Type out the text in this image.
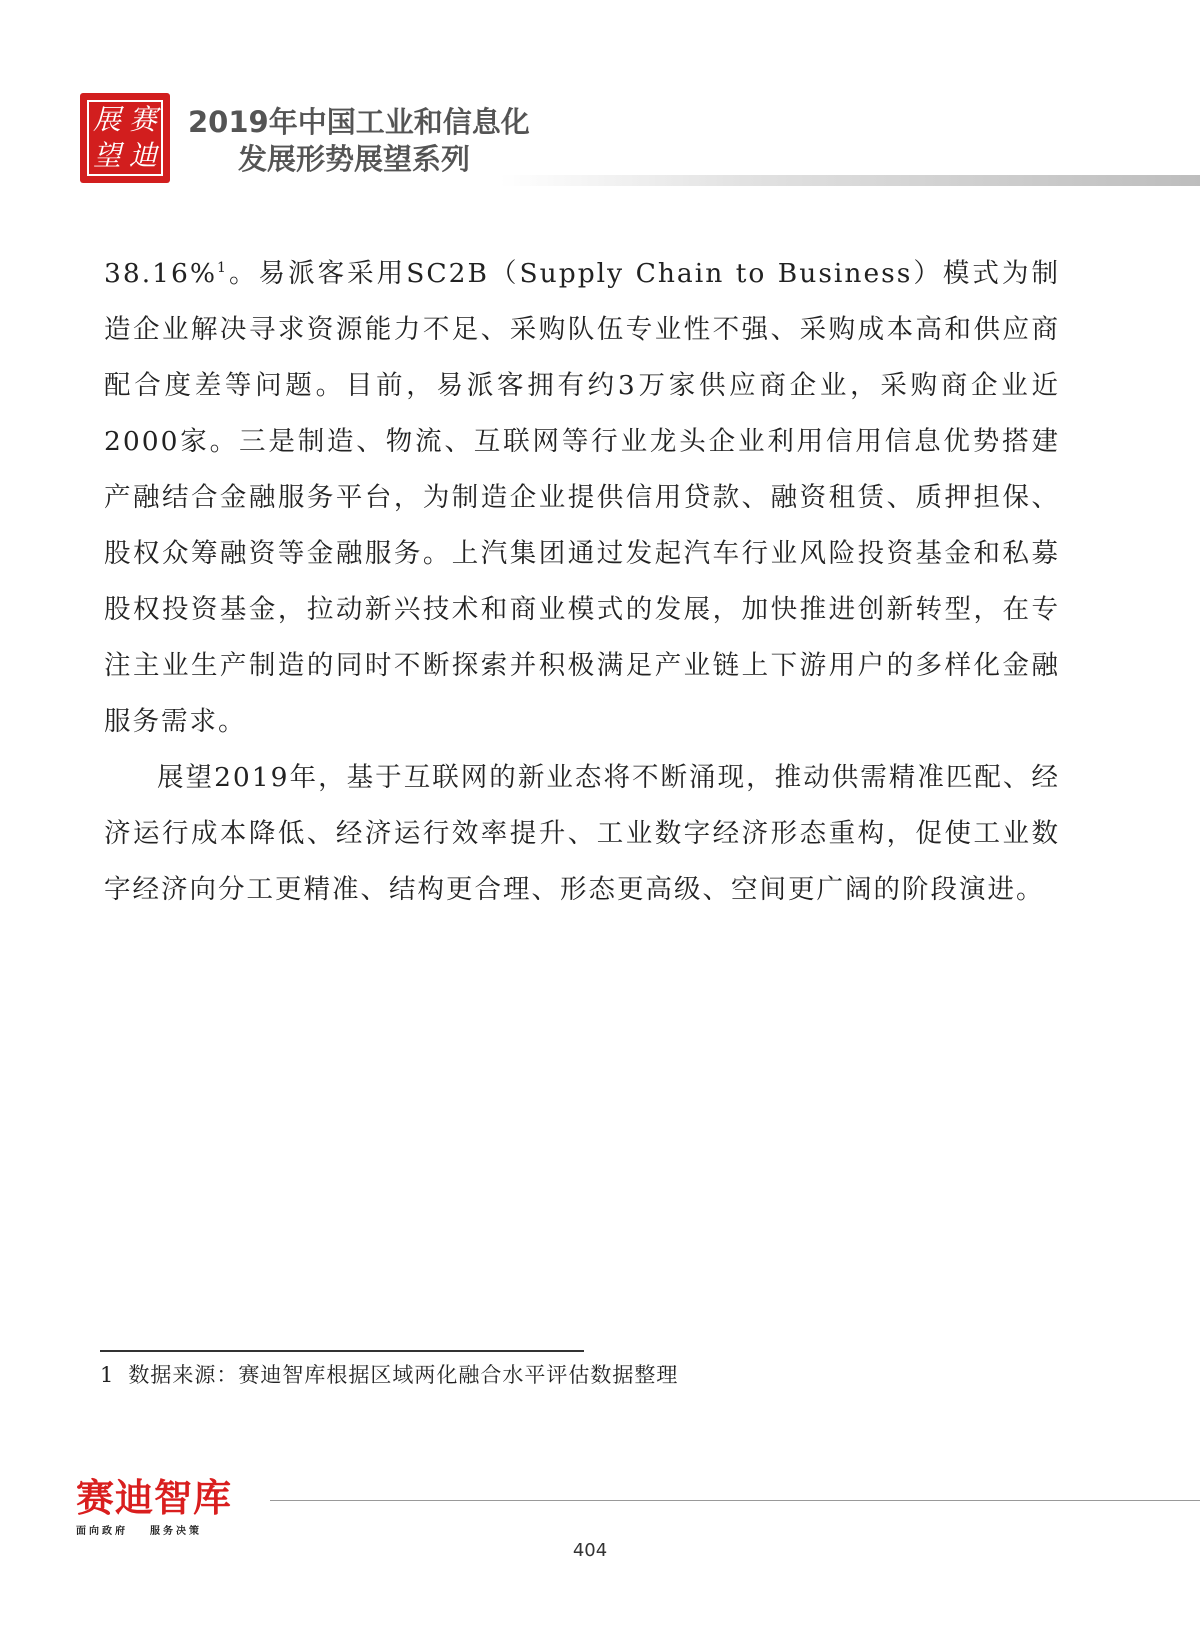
展 赛
望 迪
2019年中国工业和信息化
发展形势展望系列

38.16%$^1$。易派客采用SC2B（Supply Chain to Business）模式为制造企业解决寻求资源能力不足、采购队伍专业性不强、采购成本高和供应商配合度差等问题。目前，易派客拥有约3万家供应商企业，采购商企业近2000家。三是制造、物流、互联网等行业龙头企业利用信用信息优势搭建产融结合金融服务平台，为制造企业提供信用贷款、融资租赁、质押担保、股权众筹融资等金融服务。上汽集团通过发起汽车行业风险投资基金和私募股权投资基金，拉动新兴技术和商业模式的发展，加快推进创新转型，在专注主业生产制造的同时不断探索并积极满足产业链上下游用户的多样化金融服务需求。

展望2019年，基于互联网的新业态将不断涌现，推动供需精准匹配、经济运行成本降低、经济运行效率提升、工业数字经济形态重构，促使工业数字经济向分工更精准、结构更合理、形态更高级、空间更广阔的阶段演进。

1 数据来源：赛迪智库根据区域两化融合水平评估数据整理
赛迪智库
面向政府 服务决策
404
